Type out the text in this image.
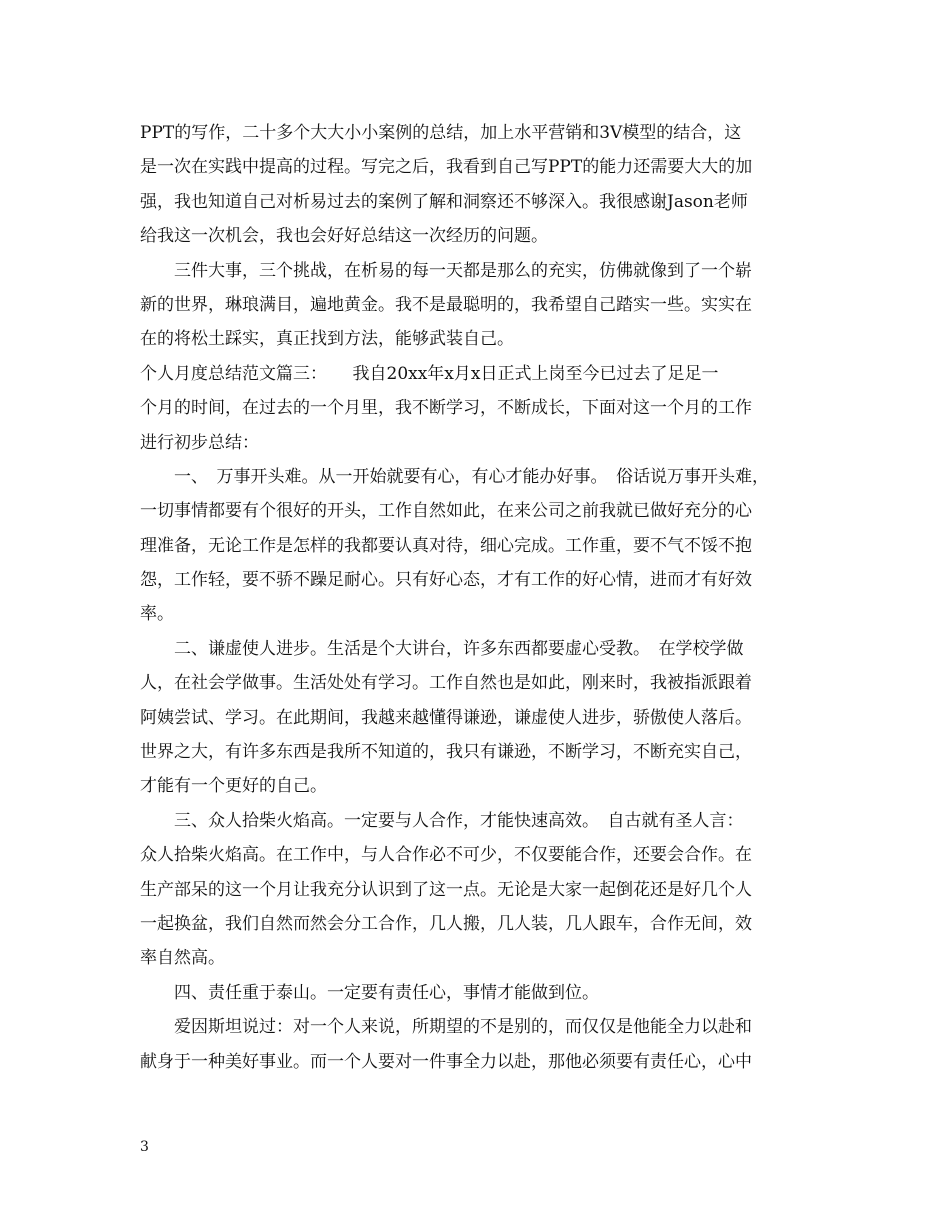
PPT的写作，二十多个大大小小案例的总结，加上水平营销和3V模型的结合，这
是一次在实践中提高的过程。写完之后，我看到自己写PPT的能力还需要大大的加
强，我也知道自己对析易过去的案例了解和洞察还不够深入。我很感谢Jason老师
给我这一次机会，我也会好好总结这一次经历的问题。
三件大事，三个挑战，在析易的每一天都是那么的充实，仿佛就像到了一个崭
新的世界，琳琅满目，遍地黄金。我不是最聪明的，我希望自己踏实一些。实实在
在的将松土踩实，真正找到方法，能够武装自己。
个人月度总结范文篇三：　　我自20xx年x月x日正式上岗至今已过去了足足一
个月的时间，在过去的一个月里，我不断学习，不断成长，下面对这一个月的工作
进行初步总结：
一、　万事开头难。从一开始就要有心，有心才能办好事。　俗话说万事开头难，
一切事情都要有个很好的开头，工作自然如此，在来公司之前我就已做好充分的心
理准备，无论工作是怎样的我都要认真对待，细心完成。工作重，要不气不馁不抱
怨，工作轻，要不骄不躁足耐心。只有好心态，才有工作的好心情，进而才有好效
率。
二、谦虚使人进步。生活是个大讲台，许多东西都要虚心受教。　在学校学做
人，在社会学做事。生活处处有学习。工作自然也是如此，刚来时，我被指派跟着
阿姨尝试、学习。在此期间，我越来越懂得谦逊，谦虚使人进步，骄傲使人落后。
世界之大，有许多东西是我所不知道的，我只有谦逊，不断学习，不断充实自己，
才能有一个更好的自己。
三、众人拾柴火焰高。一定要与人合作，才能快速高效。　自古就有圣人言：
众人拾柴火焰高。在工作中，与人合作必不可少，不仅要能合作，还要会合作。在
生产部呆的这一个月让我充分认识到了这一点。无论是大家一起倒花还是好几个人
一起换盆，我们自然而然会分工合作，几人搬，几人装，几人跟车，合作无间，效
率自然高。
四、责任重于泰山。一定要有责任心，事情才能做到位。
爱因斯坦说过：对一个人来说，所期望的不是别的，而仅仅是他能全力以赴和
献身于一种美好事业。而一个人要对一件事全力以赴，那他必须要有责任心，心中
3
